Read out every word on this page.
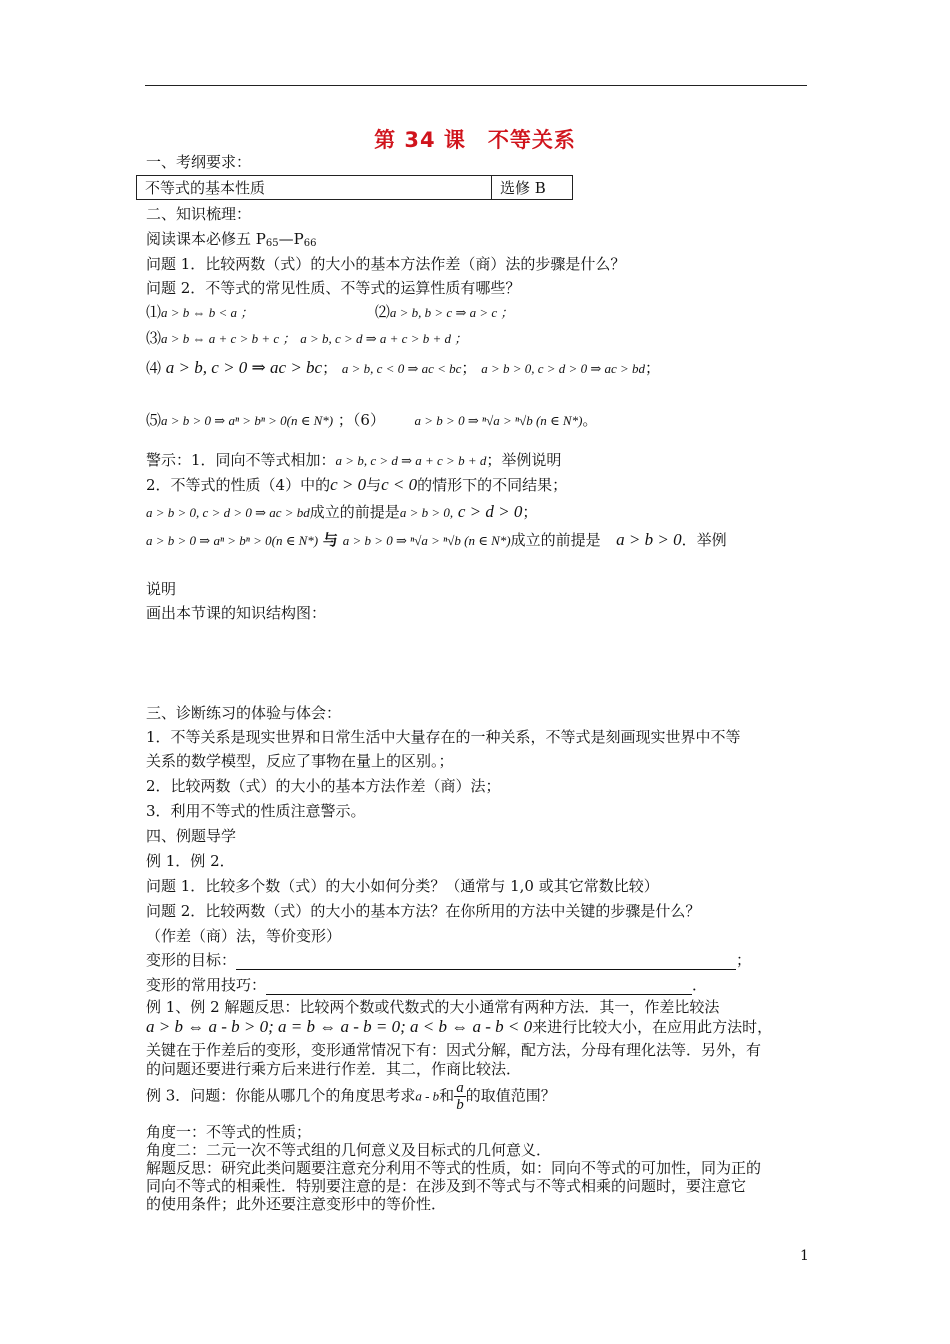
第 34 课　不等关系
一、考纲要求：
不等式的基本性质	选修 B
二、知识梳理：
阅读课本必修五 P65—P66
问题 1．比较两数（式）的大小的基本方法作差（商）法的步骤是什么？
问题 2．不等式的常见性质、不等式的运算性质有哪些？
⑴a > b ⇔ b < a ；	⑵a > b, b > c ⇒ a > c ；
⑶a > b ⇔ a + c > b + c ； a > b, c > d ⇒ a + c > b + d ；
⑷ a > b, c > 0 ⇒ ac > bc； a > b, c < 0 ⇒ ac < bc； a > b > 0, c > d > 0 ⇒ ac > bd；
⑸a > b > 0 ⇒ aⁿ > bⁿ > 0(n ∈ N*) ；（6） a > b > 0 ⇒ ⁿ√a > ⁿ√b (n ∈ N*)。
警示：1．同向不等式相加：a > b, c > d ⇒ a + c > b + d；举例说明
2．不等式的性质（4）中的c > 0与c < 0的情形下的不同结果；
a > b > 0, c > d > 0 ⇒ ac > bd成立的前提是a > b > 0, c > d > 0；
a > b > 0 ⇒ aⁿ > bⁿ > 0(n ∈ N*) 与 a > b > 0 ⇒ ⁿ√a > ⁿ√b (n ∈ N*)成立的前提是 a > b > 0．举例
说明
画出本节课的知识结构图：
三、诊断练习的体验与体会：
1．不等关系是现实世界和日常生活中大量存在的一种关系，不等式是刻画现实世界中不等
关系的数学模型，反应了事物在量上的区别。；
2．比较两数（式）的大小的基本方法作差（商）法；
3．利用不等式的性质注意警示。
四、例题导学
例 1．例 2．
问题 1．比较多个数（式）的大小如何分类？（通常与 1,0 或其它常数比较）
问题 2．比较两数（式）的大小的基本方法？在你所用的方法中关键的步骤是什么？
（作差（商）法，等价变形）
变形的目标：	；
变形的常用技巧：	．
例 1、例 2 解题反思：比较两个数或代数式的大小通常有两种方法．其一，作差比较法
a > b ⇔ a - b > 0; a = b ⇔ a - b = 0; a < b ⇔ a - b < 0来进行比较大小，在应用此方法时，
关键在于作差后的变形，变形通常情况下有：因式分解，配方法，分母有理化法等．另外，有
的问题还要进行乘方后来进行作差．其二，作商比较法．
例 3．问题：你能从哪几个的角度思考求a - b和 $\frac{a}{b}$ 的取值范围？
角度一：不等式的性质；
角度二：二元一次不等式组的几何意义及目标式的几何意义．
解题反思：研究此类问题要注意充分利用不等式的性质，如：同向不等式的可加性，同为正的
同向不等式的相乘性．特别要注意的是：在涉及到不等式与不等式相乘的问题时，要注意它
的使用条件；此外还要注意变形中的等价性．
1
